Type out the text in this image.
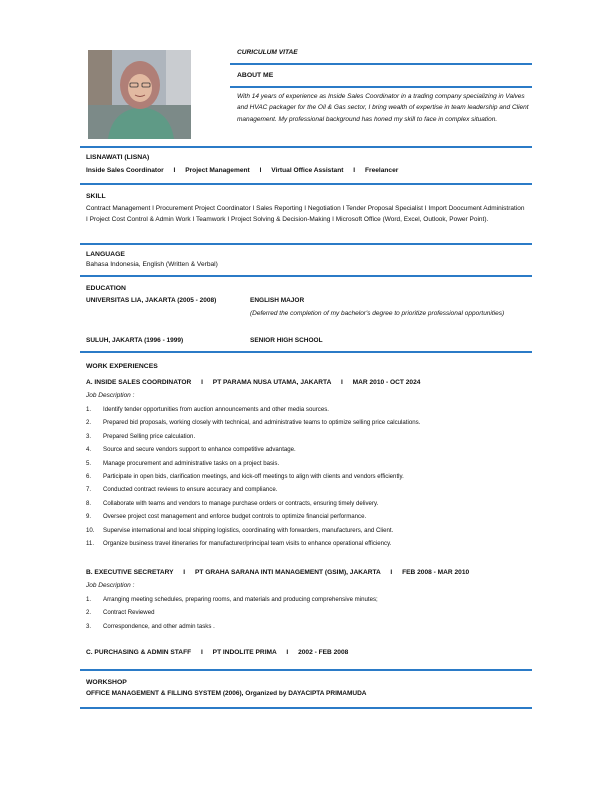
CURICULUM VITAE
ABOUT ME
With 14 years of experience as Inside Sales Coordinator in a trading company specializing in Valves and HVAC packager for the Oil & Gas sector, I bring wealth of expertise in team leadership and Client management. My professional background has honed my skill to face in complex situation.
LISNAWATI (LISNA)
Inside Sales Coordinator I Project Management I Virtual Office Assistant I Freelancer
SKILL
Contract Management I Procurement Project Coordinator I Sales Reporting I Negotiation I Tender Proposal Specialist I Import Doocument Administration I Project Cost Control & Admin Work I Teamwork I Project Solving & Decision-Making I Microsoft Office (Word, Excel, Outlook, Power Point).
LANGUAGE
Bahasa Indonesia, English (Written & Verbal)
EDUCATION
UNIVERSITAS LIA, JAKARTA (2005 - 2008)	ENGLISH MAJOR
(Deferred the completion of my bachelor's degree to prioritize professional opportunities)
SULUH, JAKARTA (1996 - 1999)	SENIOR HIGH SCHOOL
WORK EXPERIENCES
A. INSIDE SALES COORDINATOR I PT PARAMA NUSA UTAMA, JAKARTA I MAR 2010 - OCT 2024
Job Description :
1. Identify tender opportunities from auction announcements and other media sources.
2. Prepared bid proposals, working closely with technical, and administrative teams to optimize selling price calculations.
3. Prepared Selling price calculation.
4. Source and secure vendors support to enhance competitive advantage.
5. Manage procurement and administrative tasks on a project basis.
6. Participate in open bids, clarification meetings, and kick-off meetings to align with clients and vendors efficiently.
7. Conducted contract reviews to ensure accuracy and compliance.
8. Collaborate with teams and vendors to manage purchase orders or contracts, ensuring timely delivery.
9. Oversee project cost management and enforce budget controls to optimize financial performance.
10. Supervise international and local shipping logistics, coordinating with forwarders, manufacturers, and Client.
11. Organize business travel itineraries for manufacturer/principal team visits to enhance operational efficiency.
B. EXECUTIVE SECRETARY I PT GRAHA SARANA INTI MANAGEMENT (GSIM), JAKARTA I FEB 2008 - MAR 2010
Job Description :
1. Arranging meeting schedules, preparing rooms, and materials and producing comprehensive minutes;
2. Contract Reviewed
3. Correspondence, and other admin tasks .
C. PURCHASING & ADMIN STAFF I PT INDOLITE PRIMA I 2002 - FEB 2008
WORKSHOP
OFFICE MANAGEMENT & FILLING SYSTEM (2006), Organized by DAYACIPTA PRIMAMUDA
